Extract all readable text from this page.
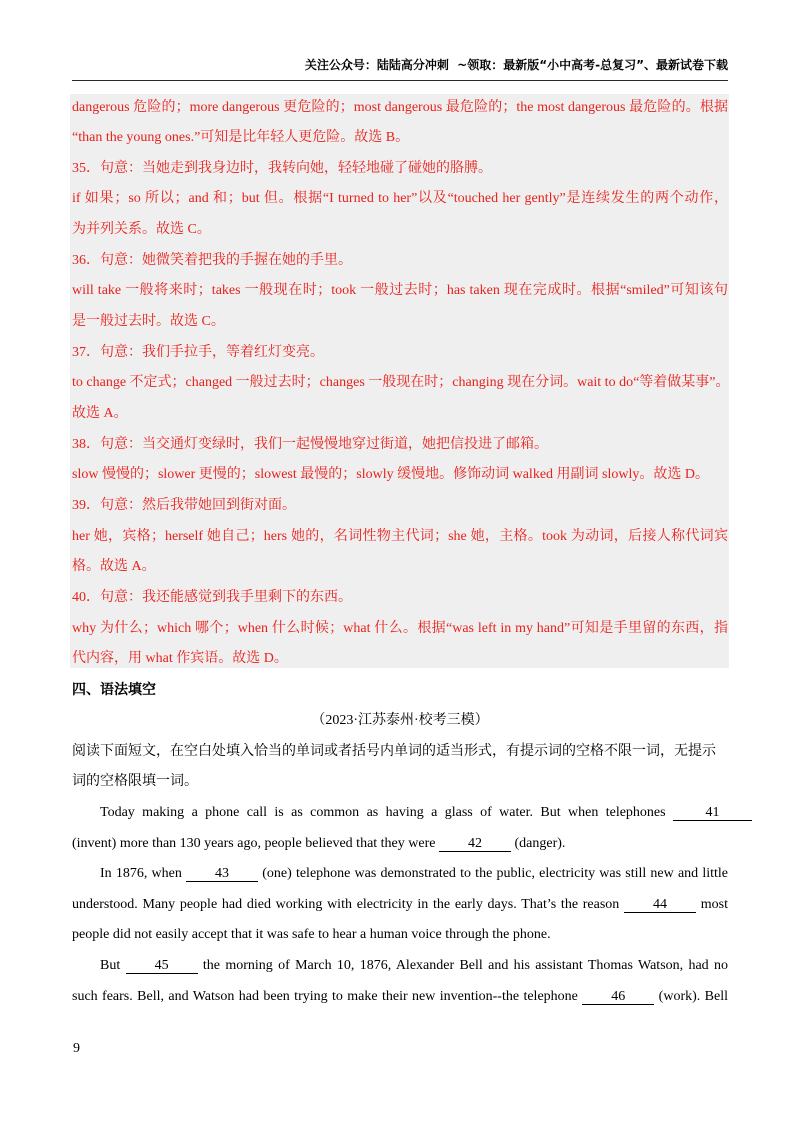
关注公众号：陆陆高分冲刺  ~领取：最新版“小中高考-总复习”、最新试卷下载
dangerous 危险的；more dangerous 更危险的；most dangerous 最危险的；the most dangerous 最危险的。根据
“than the young ones.”可知是比年轻人更危险。故选 B。
35．句意：当她走到我身边时，我转向她，轻轻地碰了碰她的胳膊。
if 如果；so 所以；and 和；but 但。根据“I turned to her”以及“touched her gently”是连续发生的两个动作，
为并列关系。故选 C。
36．句意：她微笑着把我的手握在她的手里。
will take 一般将来时；takes 一般现在时；took 一般过去时；has taken 现在完成时。根据“smiled”可知该句
是一般过去时。故选 C。
37．句意：我们手拉手，等着红灯变亮。
to change 不定式；changed 一般过去时；changes 一般现在时；changing 现在分词。wait to do“等着做某事”。
故选 A。
38．句意：当交通灯变绿时，我们一起慢慢地穿过街道，她把信投进了邮箱。
slow 慢慢的；slower 更慢的；slowest 最慢的；slowly 缓慢地。修饰动词 walked 用副词 slowly。故选 D。
39．句意：然后我带她回到街对面。
her 她，宾格；herself 她自己；hers 她的，名词性物主代词；she 她，主格。took 为动词，后接人称代词宾
格。故选 A。
40．句意：我还能感觉到我手里剩下的东西。
why 为什么；which 哪个；when 什么时候；what 什么。根据“was left in my hand”可知是手里留的东西，指
代内容，用 what 作宾语。故选 D。
四、语法填空
（2023·江苏泰州·校考三模）
阅读下面短文，在空白处填入恰当的单词或者括号内单词的适当形式，有提示词的空格不限一词，无提示
词的空格限填一词。
Today making a phone call is as common as having a glass of water. But when telephones	41
(invent) more than 130 years ago, people believed that they were 42 (danger).
In 1876, when 43 (one) telephone was demonstrated to the public, electricity was still new and little
understood. Many people had died working with electricity in the early days. That’s the reason 44 most
people did not easily accept that it was safe to hear a human voice through the phone.
But 45 the morning of March 10, 1876, Alexander Bell and his assistant Thomas Watson, had no
such fears. Bell, and Watson had been trying to make their new invention--the telephone 46 (work). Bell
9
